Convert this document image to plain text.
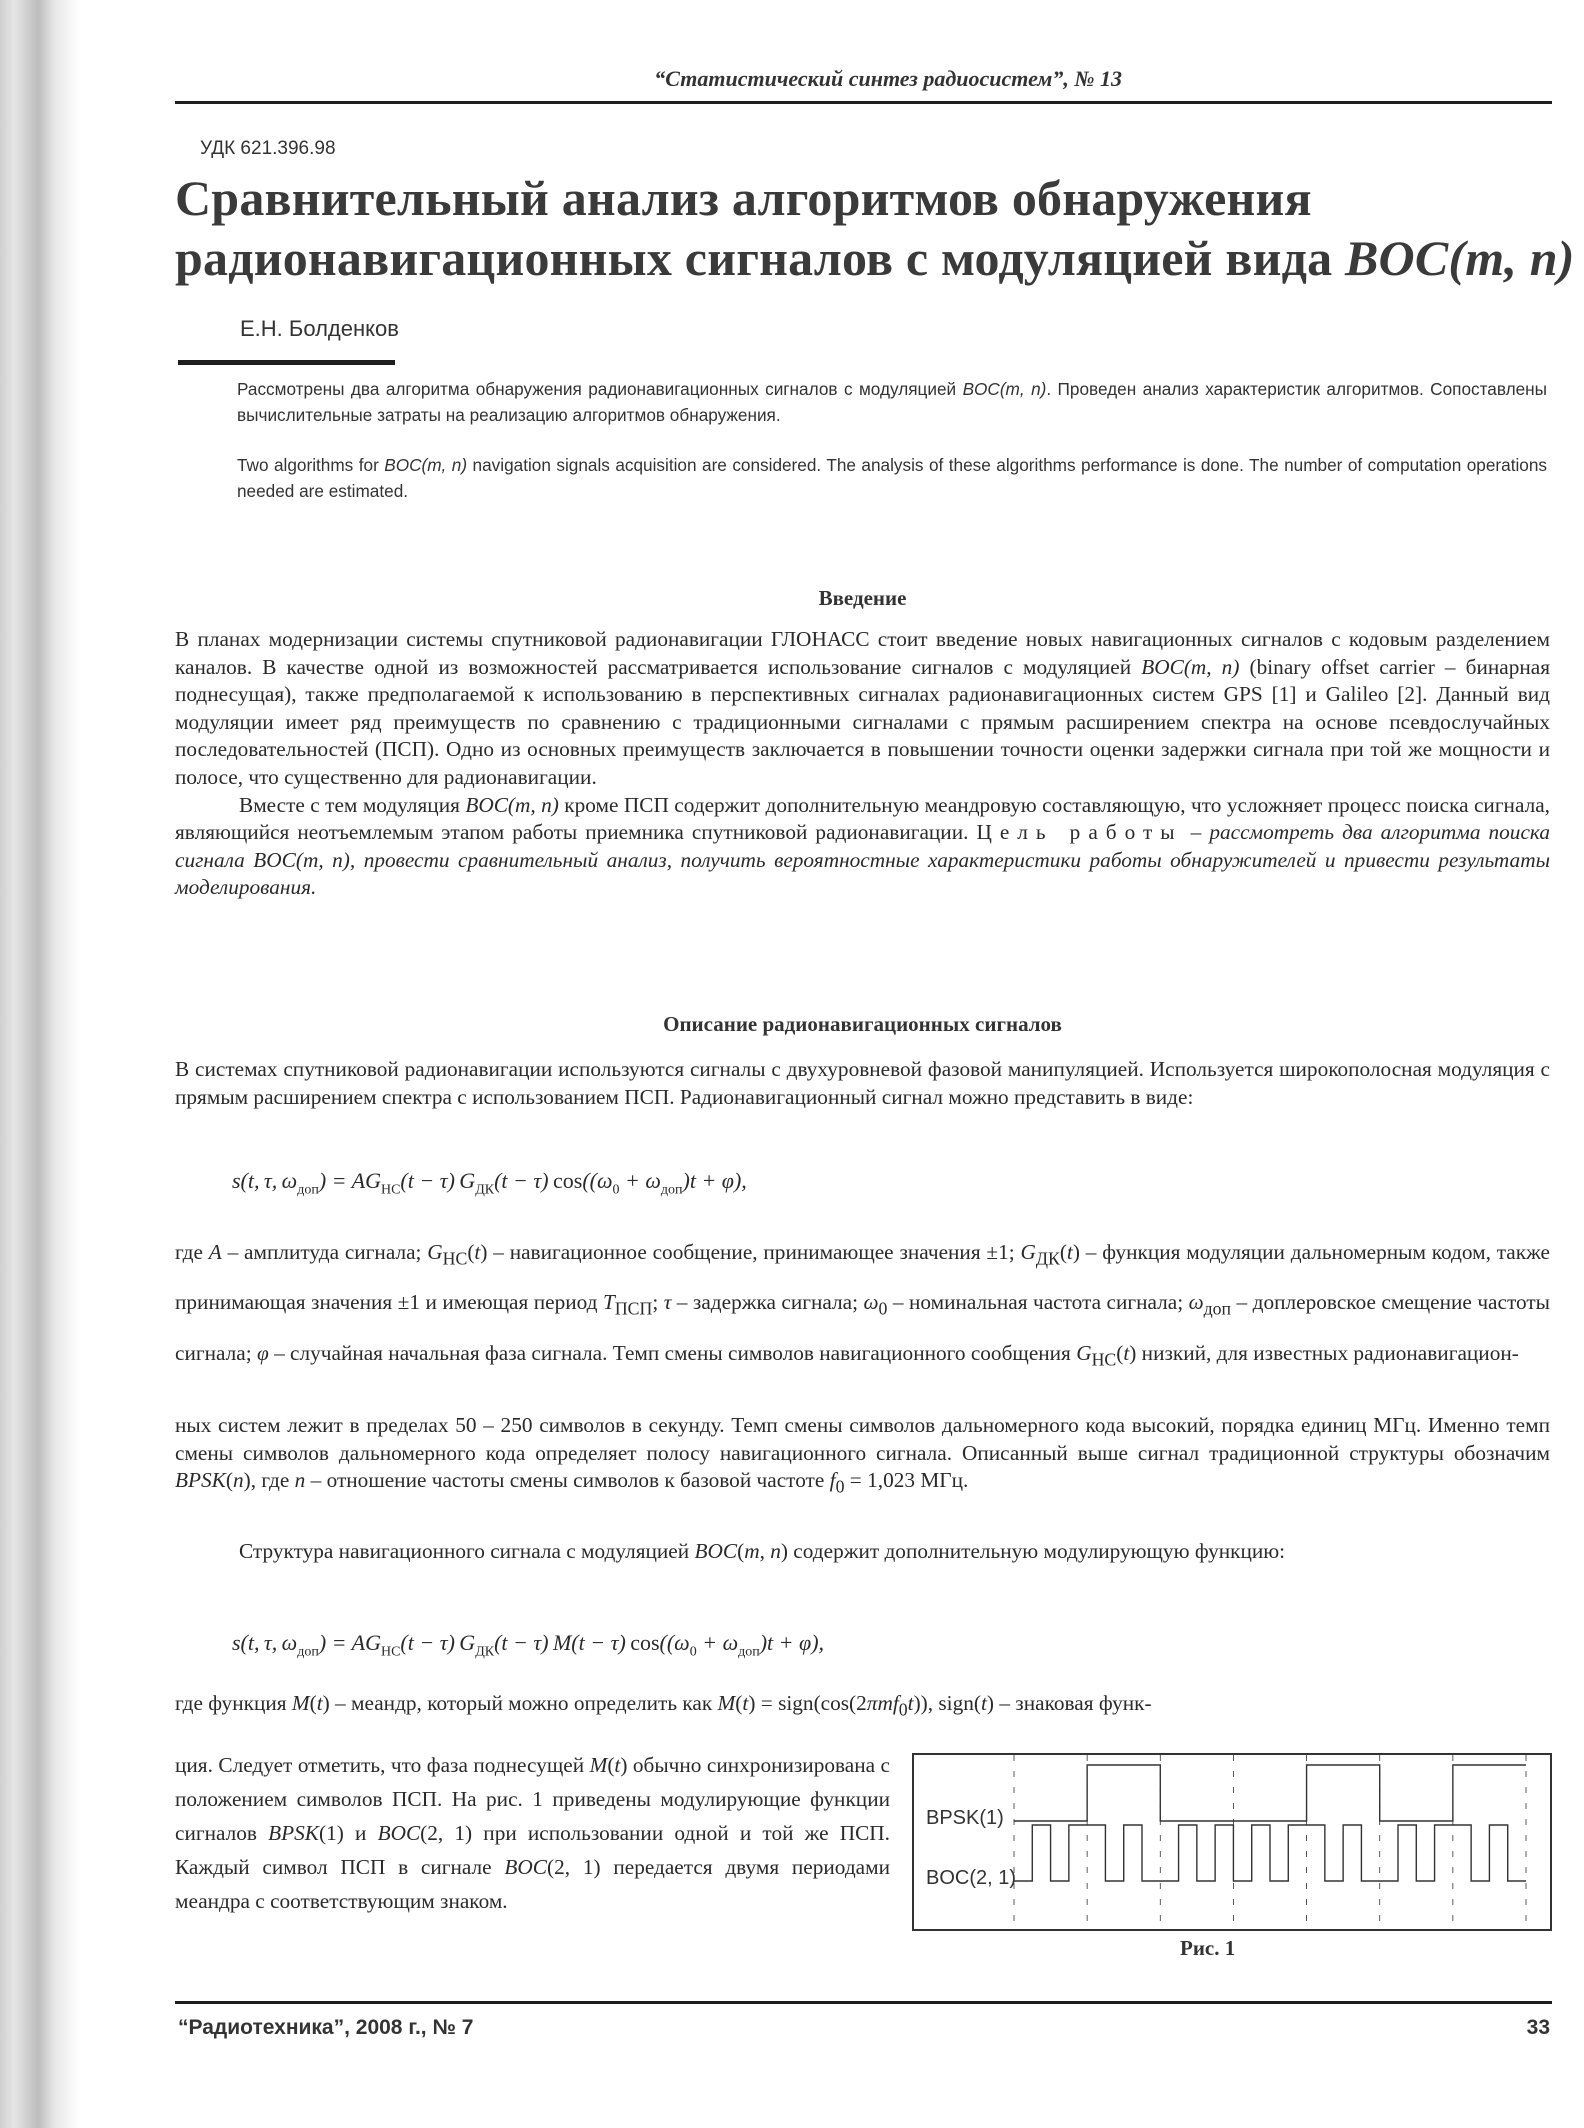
“Статистический синтез радиосистем”, № 13
УДК 621.396.98
Сравнительный анализ алгоритмов обнаружения
радионавигационных сигналов с модуляцией вида BOC(m, n)
Е.Н. Болденков
Рассмотрены два алгоритма обнаружения радионавигационных сигналов с модуляцией BOC(m, n). Проведен анализ характеристик алгоритмов. Сопоставлены вычислительные затраты на реализацию алгоритмов обнаружения.
Two algorithms for BOC(m, n) navigation signals acquisition are considered. The analysis of these algorithms performance is done. The number of computation operations needed are estimated.
Введение

В планах модернизации системы спутниковой радионавигации ГЛОНАСС стоит введение новых навигационных сигналов с кодовым разделением каналов. В качестве одной из возможностей рассматривается использование сигналов с модуляцией BOC(m, n) (binary offset carrier – бинарная поднесущая), также предполагаемой к использованию в перспективных сигналах радионавигационных систем GPS [1] и Galileo [2]. Данный вид модуляции имеет ряд преимуществ по сравнению с традиционными сигналами с прямым расширением спектра на основе псевдослучайных последовательностей (ПСП). Одно из основных преимуществ заключается в повышении точности оценки задержки сигнала при той же мощности и полосе, что существенно для радионавигации.

Вместе с тем модуляция BOC(m, n) кроме ПСП содержит дополнительную меандровую составляющую, что усложняет процесс поиска сигнала, являющийся неотъемлемым этапом работы приемника спутниковой радионавигации. Цель работы – рассмотреть два алгоритма поиска сигнала BOC(m, n), провести сравнительный анализ, получить вероятностные характеристики работы обнаружителей и привести результаты моделирования.

Описание радионавигационных сигналов
В системах спутниковой радионавигации используются сигналы с двухуровневой фазовой манипуляцией. Используется широкополосная модуляция с прямым расширением спектра с использованием ПСП. Радионавигационный сигнал можно представить в виде:
s(t, τ, $\omega_{доп}) = AG_{НС}(t - \tau)$ $G_{ДК}(t - \tau) \cos((\omega_0 + \omega_{доп})t + \varphi)$,

где A – амплитуда сигнала; $G_{НС}(t)$ – навигационное сообщение, принимающее значения ±1; $G_{ДК}(t)$ – функция модуляции дальномерным кодом, также принимающая значения ±1 и имеющая период $T_{ПСП}$; τ – задержка сигнала; $\omega_0$ – номинальная частота сигнала; $\omega_{доп}$ – доплеровское смещение частоты сигнала; φ – случайная начальная фаза сигнала. Темп смены символов навигационного сообщения $G_{НС}(t)$ низкий, для известных радионавигацион-

ных систем лежит в пределах 50 – 250 символов в секунду. Темп смены символов дальномерного кода высокий, порядка единиц МГц. Именно темп смены символов дальномерного кода определяет полосу навигационного сигнала. Описанный выше сигнал традиционной структуры обозначим BPSK(n), где n – отношение частоты смены символов к базовой частоте $f_0 = 1,023$ МГц.

Структура навигационного сигнала с модуляцией BOC(m, n) содержит дополнительную модулирующую функцию:
s(t, τ, $\omega_{доп}) = AG_{НС}(t - \tau)$ $G_{ДК}(t - \tau) M(t - \tau) \cos((\omega_0 + \omega_{доп})t + \varphi)$,
где функция M(t) – меандр, который можно определить как M(t) = sign(cos(2πmf$_0$t)), sign(t) – знаковая функ-

ция. Следует отметить, что фаза поднесущей M(t) обычно синхронизирована с положением символов ПСП. На рис. 1 приведены модулирующие функции сигналов BPSK(1) и BOC(2, 1) при использовании одной и той же ПСП. Каждый символ ПСП в сигнале BOC(2, 1) передается двумя периодами меандра с соответствующим знаком.

BPSK(1)
BOC(2, 1)
Рис. 1
“Радиотехника”, 2008 г., № 7	33
